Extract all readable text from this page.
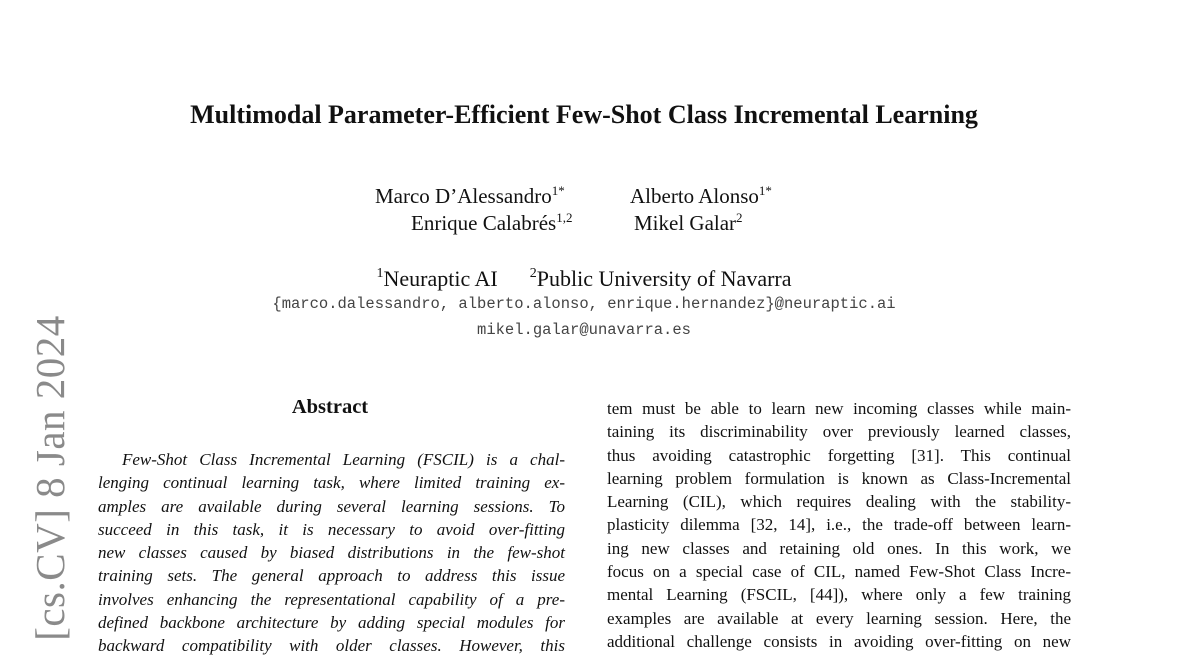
[cs.CV] 8 Jan 2024
Multimodal Parameter-Efficient Few-Shot Class Incremental Learning
Marco D’Alessandro$^{1*}$	Alberto Alonso$^{1*}$
Enrique Calabrés$^{1,2}$	Mikel Galar$^2$
$^1$Neuraptic AI $^2$Public University of Navarra
{marco.dalessandro, alberto.alonso, enrique.hernandez}@neuraptic.ai
mikel.galar@unavarra.es
Abstract
Few-Shot Class Incremental Learning (FSCIL) is a chal-
lenging continual learning task, where limited training ex-
amples are available during several learning sessions. To
succeed in this task, it is necessary to avoid over-fitting
new classes caused by biased distributions in the few-shot
training sets. The general approach to address this issue
involves enhancing the representational capability of a pre-
defined backbone architecture by adding special modules for
backward compatibility with older classes. However, this
tem must be able to learn new incoming classes while main-
taining its discriminability over previously learned classes,
thus avoiding catastrophic forgetting [31]. This continual
learning problem formulation is known as Class-Incremental
Learning (CIL), which requires dealing with the stability-
plasticity dilemma [32, 14], i.e., the trade-off between learn-
ing new classes and retaining old ones. In this work, we
focus on a special case of CIL, named Few-Shot Class Incre-
mental Learning (FSCIL, [44]), where only a few training
examples are available at every learning session. Here, the
additional challenge consists in avoiding over-fitting on new
